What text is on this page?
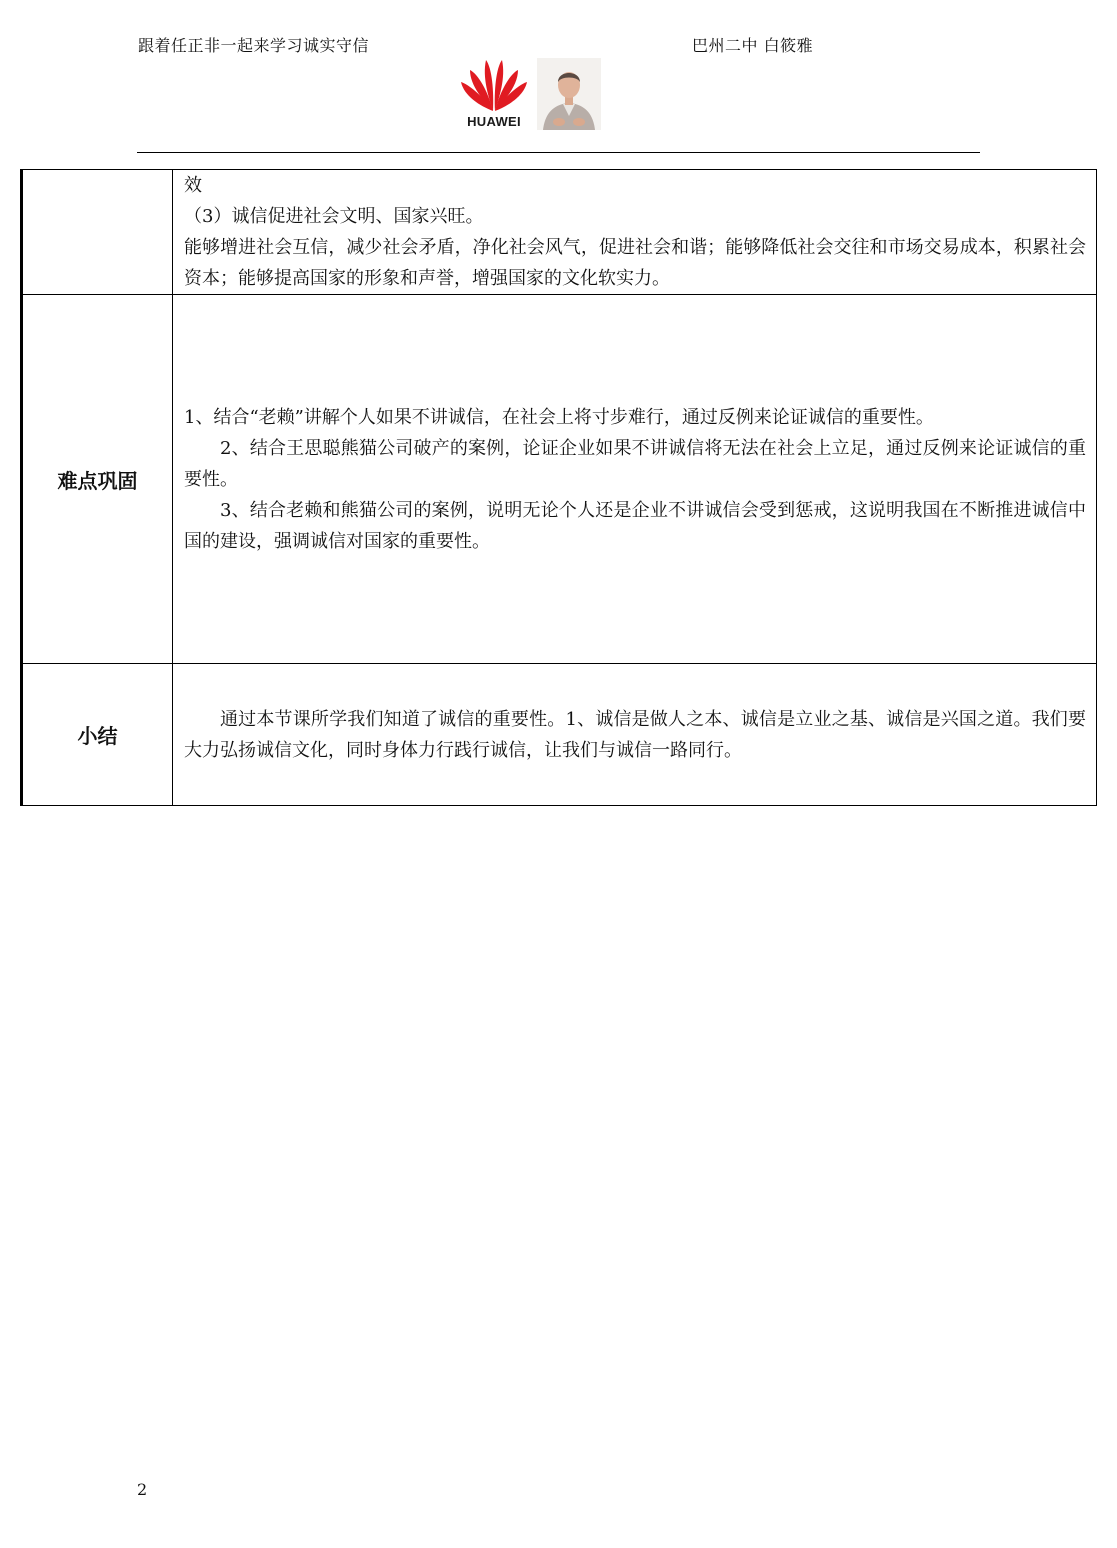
跟着任正非一起来学习诚实守信	巴州二中 白筱雅
HUAWEI

	效

（3）诚信促进社会文明、国家兴旺。

能够增进社会互信，减少社会矛盾，净化社会风气，促进社会和谐；能够降低社会交往和市场交易成本，积累社会资本；能够提高国家的形象和声誉，增强国家的文化软实力。

难点巩固	1、结合“老赖”讲解个人如果不讲诚信，在社会上将寸步难行，通过反例来论证诚信的重要性。

2、结合王思聪熊猫公司破产的案例，论证企业如果不讲诚信将无法在社会上立足，通过反例来论证诚信的重要性。

3、结合老赖和熊猫公司的案例，说明无论个人还是企业不讲诚信会受到惩戒，这说明我国在不断推进诚信中国的建设，强调诚信对国家的重要性。

小结	通过本节课所学我们知道了诚信的重要性。1、诚信是做人之本、诚信是立业之基、诚信是兴国之道。我们要大力弘扬诚信文化，同时身体力行践行诚信，让我们与诚信一路同行。

2
